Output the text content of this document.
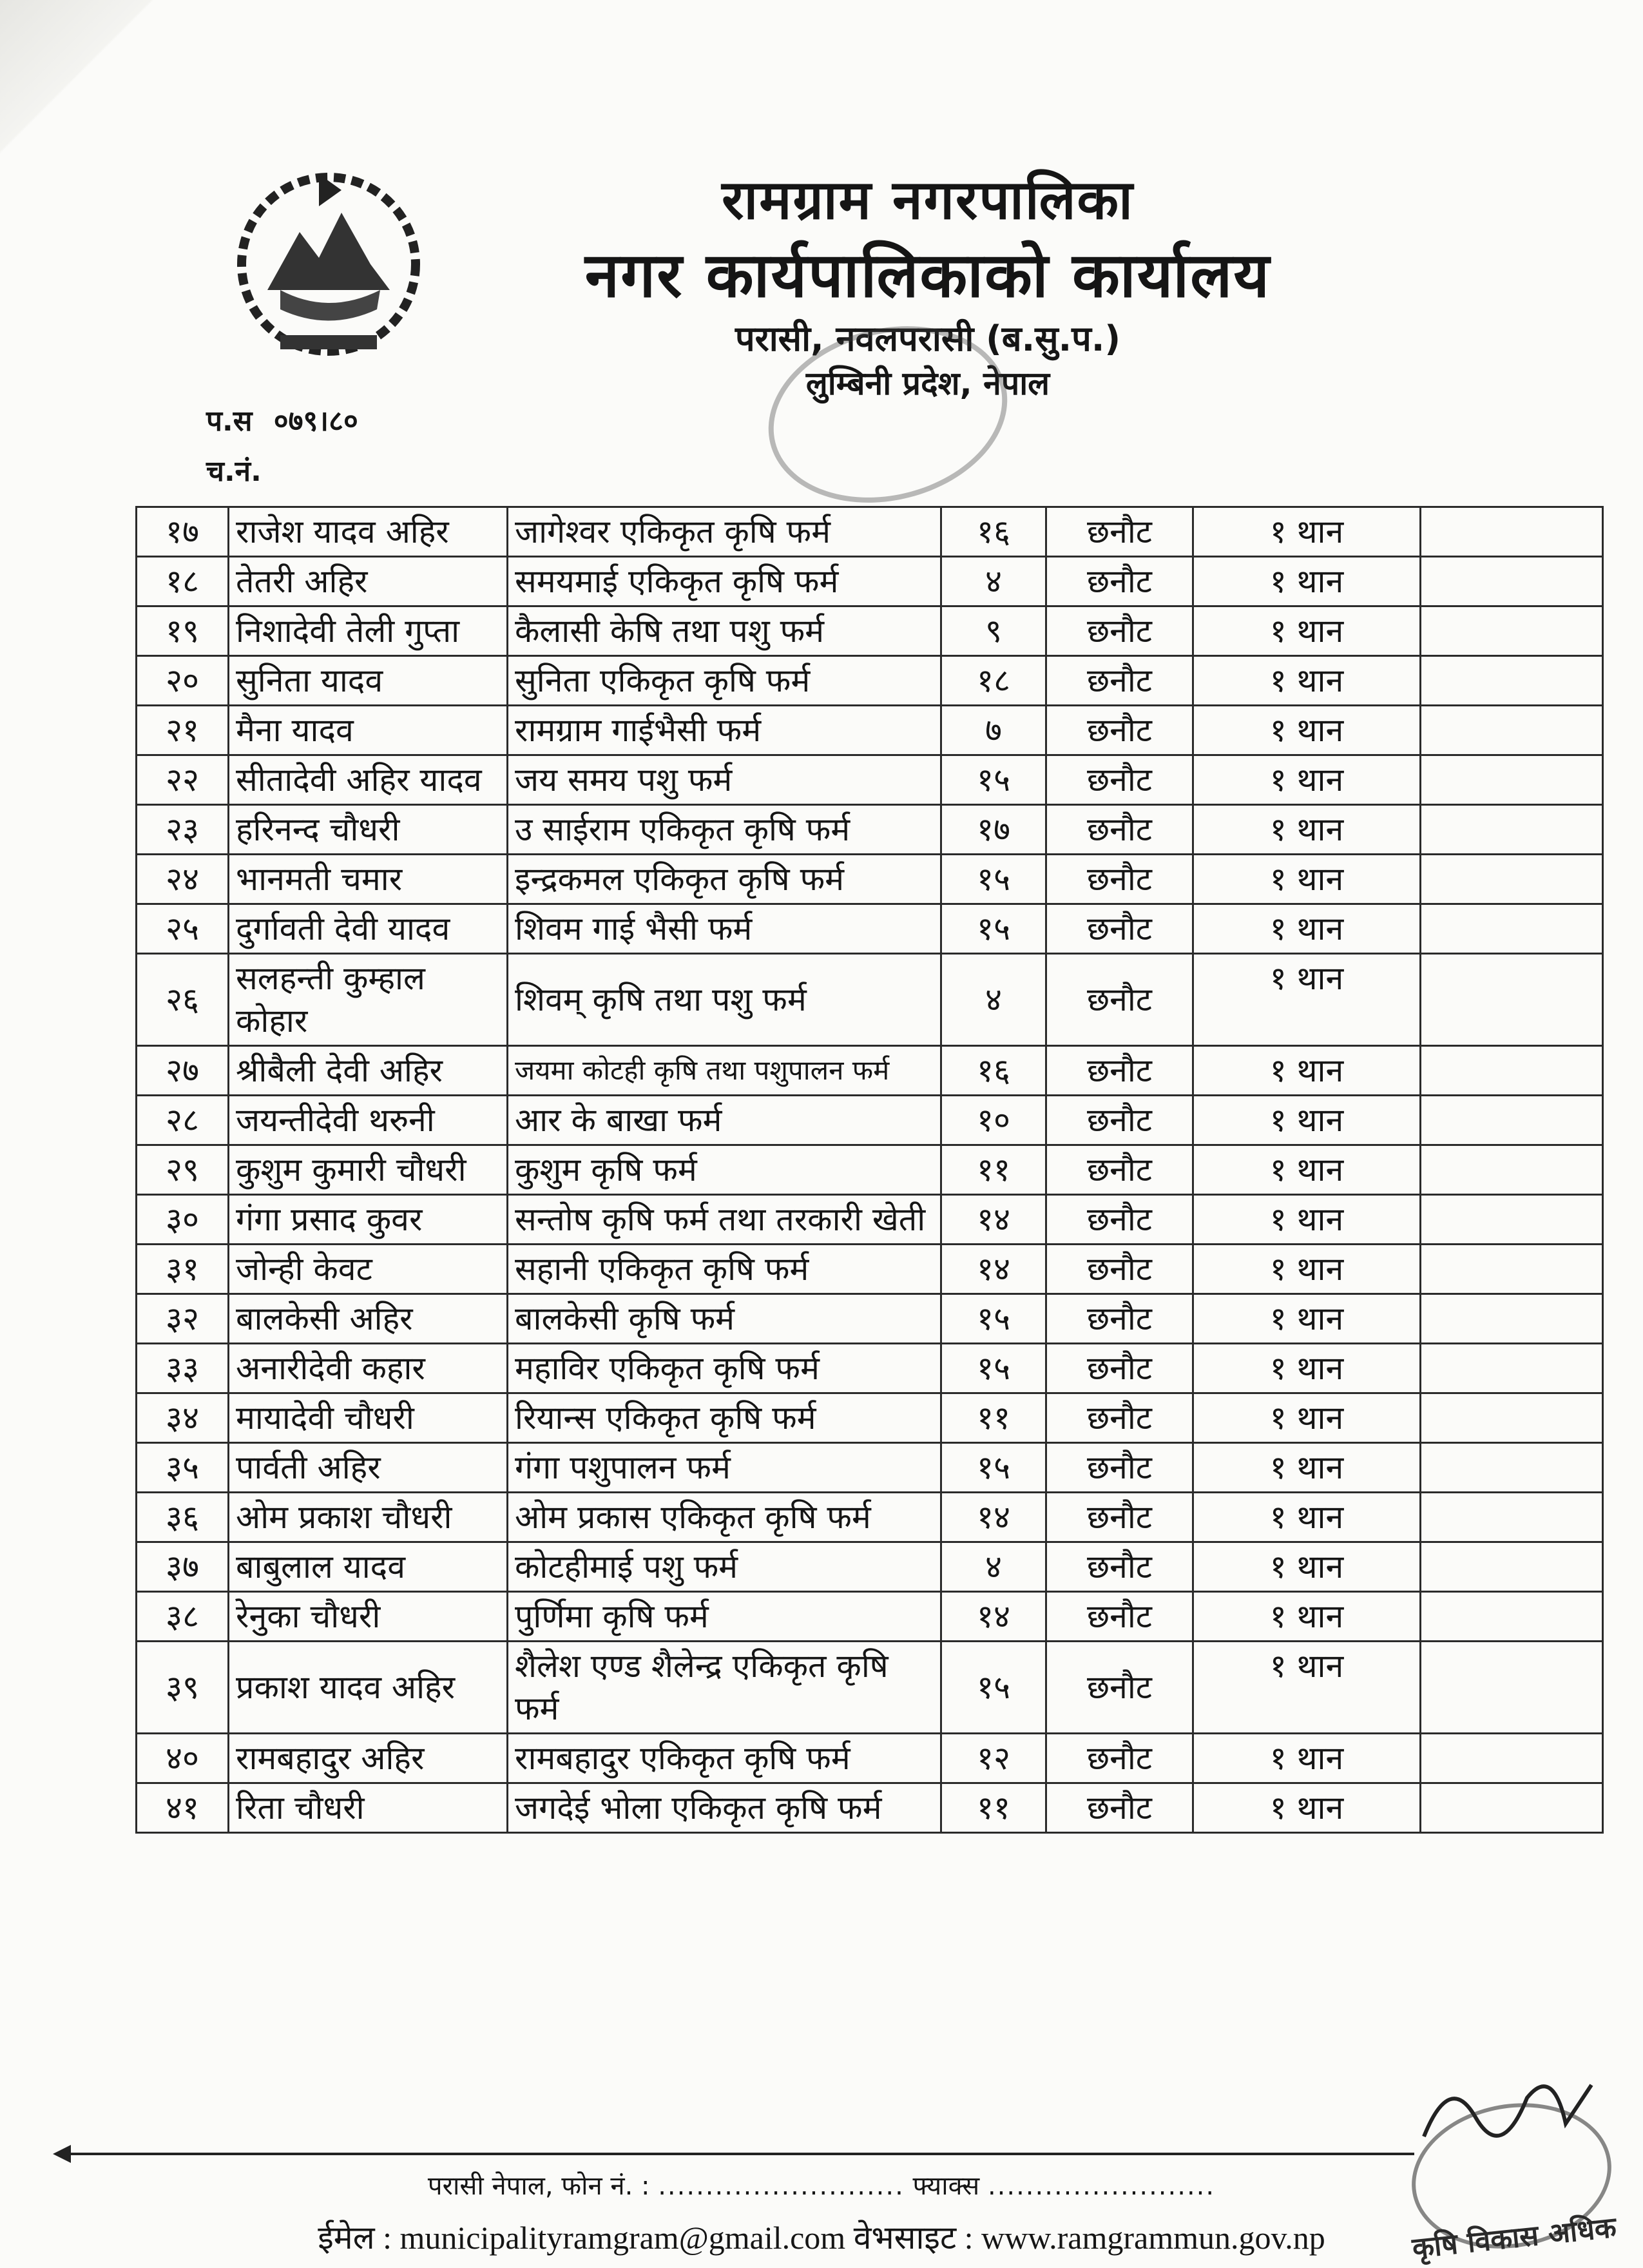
रामग्राम नगरपालिका
नगर कार्यपालिकाको कार्यालय
परासी, नवलपरासी (ब.सु.प.)
लुम्बिनी प्रदेश, नेपाल
प.स ०७९।८०
च.नं.
१७	राजेश यादव अहिर	जागेश्वर एकिकृत कृषि फर्म	१६	छनौट	१ थान	
१८	तेतरी अहिर	समयमाई एकिकृत कृषि फर्म	४	छनौट	१ थान	
१९	निशादेवी तेली गुप्ता	कैलासी केषि तथा पशु फर्म	९	छनौट	१ थान	
२०	सुनिता यादव	सुनिता एकिकृत कृषि फर्म	१८	छनौट	१ थान	
२१	मैना यादव	रामग्राम गाईभैसी फर्म	७	छनौट	१ थान	
२२	सीतादेवी अहिर यादव	जय समय पशु फर्म	१५	छनौट	१ थान	
२३	हरिनन्द चौधरी	उ साईराम एकिकृत कृषि फर्म	१७	छनौट	१ थान	
२४	भानमती चमार	इन्द्रकमल एकिकृत कृषि फर्म	१५	छनौट	१ थान	
२५	दुर्गावती देवी यादव	शिवम गाई भैसी फर्म	१५	छनौट	१ थान	
२६	सलहन्ती कुम्हाल कोहार	शिवम् कृषि तथा पशु फर्म	४	छनौट	१ थान	
२७	श्रीबैली देवी अहिर	जयमा कोटही कृषि तथा पशुपालन फर्म	१६	छनौट	१ थान	
२८	जयन्तीदेवी थरुनी	आर के बाखा फर्म	१०	छनौट	१ थान	
२९	कुशुम कुमारी चौधरी	कुशुम कृषि फर्म	११	छनौट	१ थान	
३०	गंगा प्रसाद कुवर	सन्तोष कृषि फर्म तथा तरकारी खेती	१४	छनौट	१ थान	
३१	जोन्ही केवट	सहानी एकिकृत कृषि फर्म	१४	छनौट	१ थान	
३२	बालकेसी अहिर	बालकेसी कृषि फर्म	१५	छनौट	१ थान	
३३	अनारीदेवी कहार	महाविर एकिकृत कृषि फर्म	१५	छनौट	१ थान	
३४	मायादेवी चौधरी	रियान्स एकिकृत कृषि फर्म	११	छनौट	१ थान	
३५	पार्वती अहिर	गंगा पशुपालन फर्म	१५	छनौट	१ थान	
३६	ओम प्रकाश चौधरी	ओम प्रकास एकिकृत कृषि फर्म	१४	छनौट	१ थान	
३७	बाबुलाल यादव	कोटहीमाई पशु फर्म	४	छनौट	१ थान	
३८	रेनुका चौधरी	पुर्णिमा कृषि फर्म	१४	छनौट	१ थान	
३९	प्रकाश यादव अहिर	शैलेश एण्ड शैलेन्द्र एकिकृत कृषि फर्म	१५	छनौट	१ थान	
४०	रामबहादुर अहिर	रामबहादुर एकिकृत कृषि फर्म	१२	छनौट	१ थान	
४१	रिता चौधरी	जगदेई भोला एकिकृत कृषि फर्म	११	छनौट	१ थान	
परासी नेपाल, फोन नं. : .......................... फ्याक्स ........................
ईमेल : municipalityramgram@gmail.com वेभसाइट : www.ramgrammun.gov.np	कृषि विकास अधिक
